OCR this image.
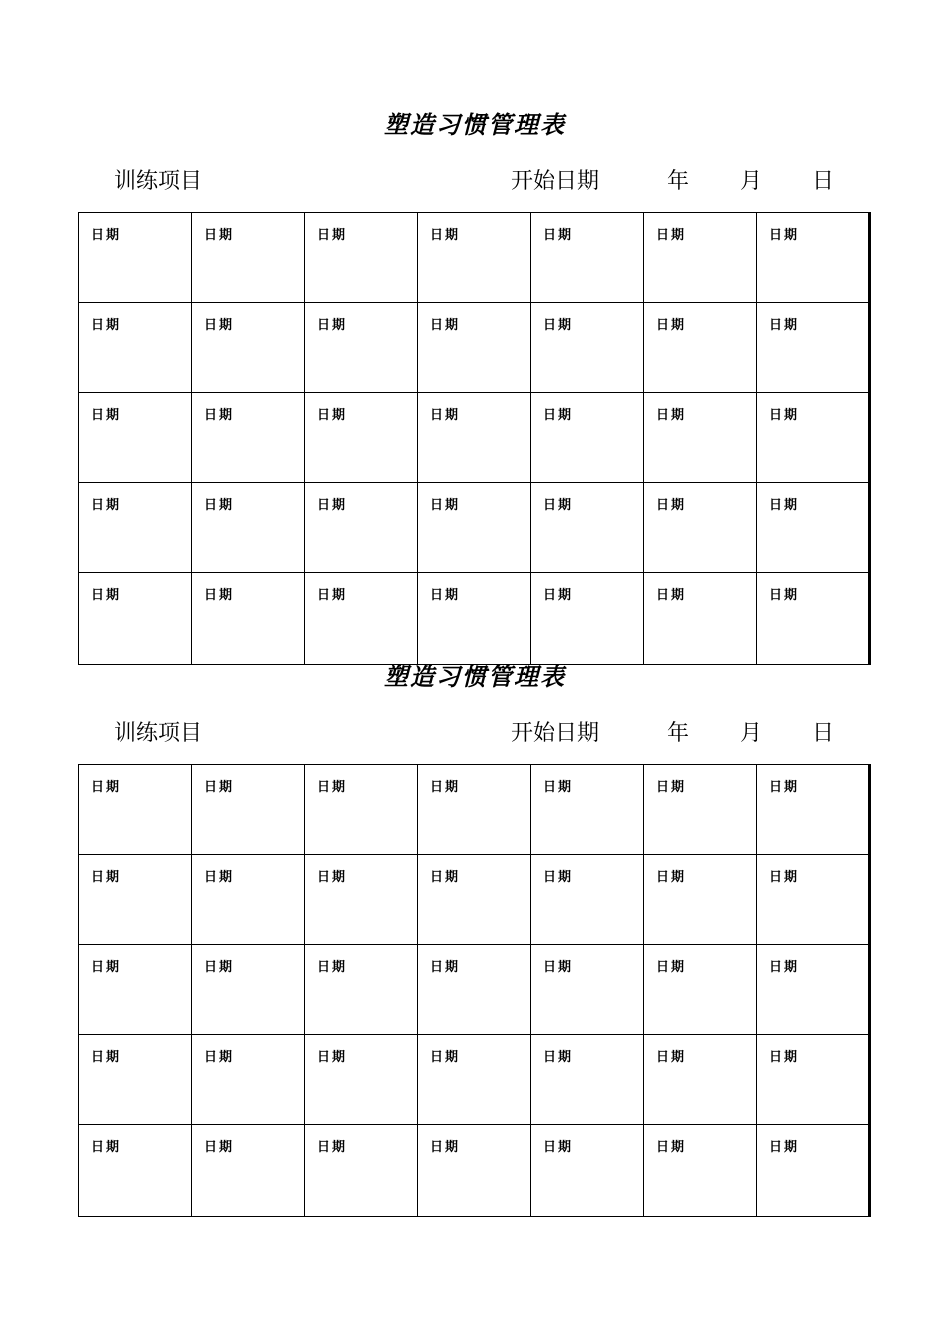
塑造习惯管理表
训练项目	开始日期	年 月 日
日期	日期	日期	日期	日期	日期	日期

日期	日期	日期	日期	日期	日期	日期

日期	日期	日期	日期	日期	日期	日期

日期	日期	日期	日期	日期	日期	日期

日期	日期	日期	日期	日期	日期	日期
塑造习惯管理表
训练项目	开始日期	年 月 日
日期	日期	日期	日期	日期	日期	日期

日期	日期	日期	日期	日期	日期	日期

日期	日期	日期	日期	日期	日期	日期

日期	日期	日期	日期	日期	日期	日期

日期	日期	日期	日期	日期	日期	日期
